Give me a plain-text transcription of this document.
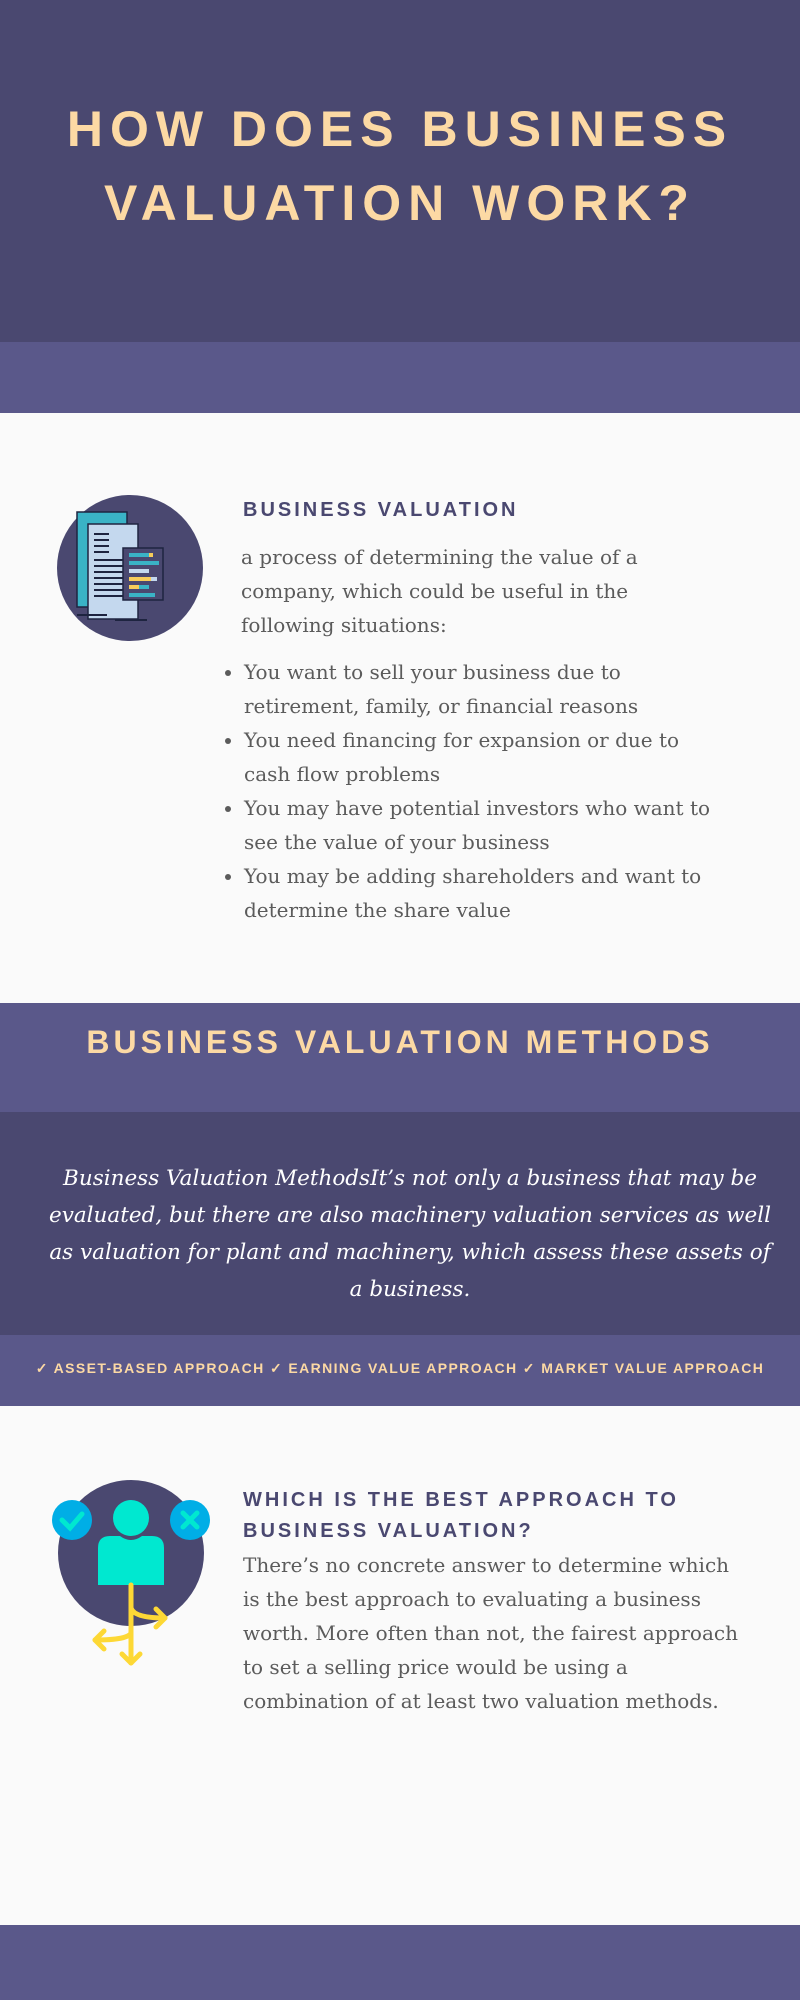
HOW DOES BUSINESS
VALUATION WORK?
BUSINESS VALUATION
a process of determining the value of a company, which could be useful in the following situations:
• You want to sell your business due to retirement, family, or financial reasons
• You need financing for expansion or due to cash flow problems
• You may have potential investors who want to see the value of your business
• You may be adding shareholders and want to determine the share value
BUSINESS VALUATION METHODS
Business Valuation MethodsIt’s not only a business that may be evaluated, but there are also machinery valuation services as well as valuation for plant and machinery, which assess these assets of a business.
✓ ASSET-BASED APPROACH ✓ EARNING VALUE APPROACH ✓ MARKET VALUE APPROACH
WHICH IS THE BEST APPROACH TO BUSINESS VALUATION?
There’s no concrete answer to determine which is the best approach to evaluating a business worth. More often than not, the fairest approach to set a selling price would be using a combination of at least two valuation methods.
